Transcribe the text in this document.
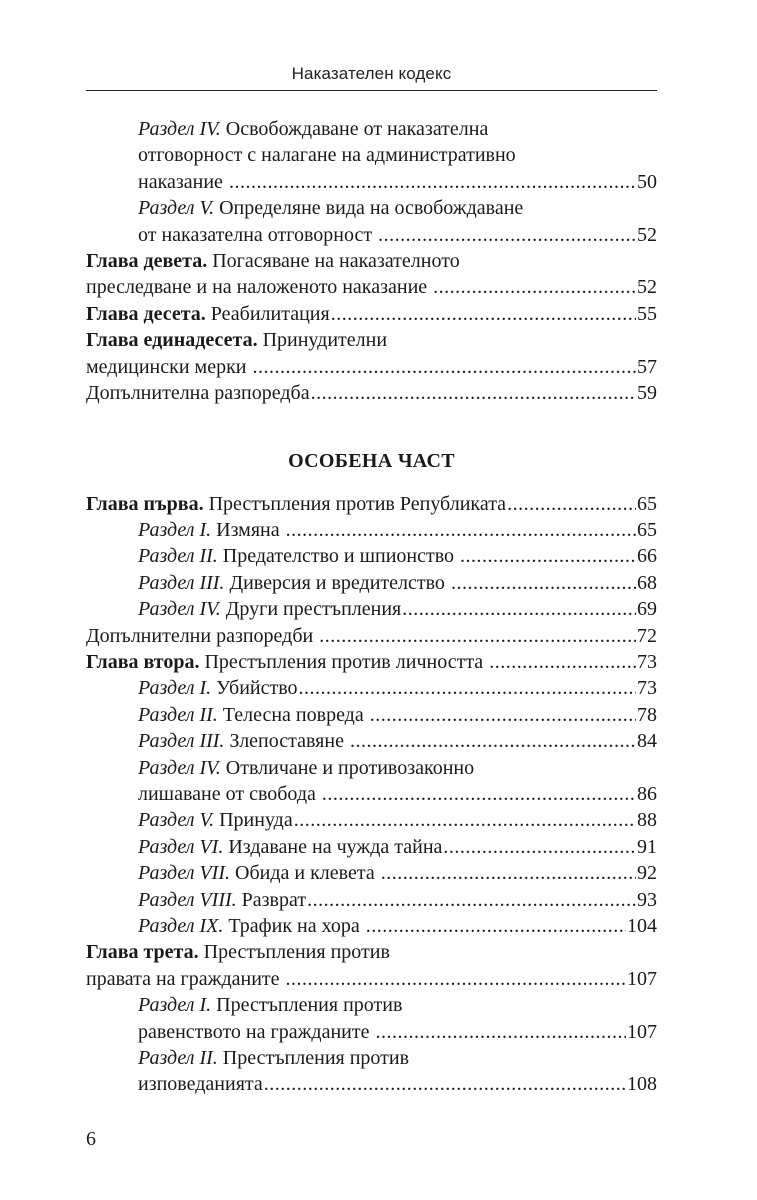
Наказателен кодекс
Раздел IV. Освобождаване от наказателна
отговорност с налагане на административно
наказание .....	50
Раздел V. Определяне вида на освобождаване
от наказателна отговорност .....	52
Глава девета. Погасяване на наказателното
преследване и на наложеното наказание .....	52
Глава десета. Реабилитация .....	55
Глава единадесета. Принудителни
медицински мерки .....	57
Допълнителна разпоредба .....	59
ОСОБЕНА ЧАСТ
Глава първа. Престъпления против Републиката .....	65
Раздел I. Измяна .....	65
Раздел II. Предателство и шпионство .....	66
Раздел III. Диверсия и вредителство .....	68
Раздел IV. Други престъпления .....	69
Допълнителни разпоредби .....	72
Глава втора. Престъпления против личността .....	73
Раздел I. Убийство .....	73
Раздел II. Телесна повреда .....	78
Раздел III. Злепоставяне .....	84
Раздел IV. Отвличане и противозаконно
лишаване от свобода .....	86
Раздел V. Принуда .....	88
Раздел VI. Издаване на чужда тайна .....	91
Раздел VII. Обида и клевета .....	92
Раздел VIII. Разврат .....	93
Раздел IX. Трафик на хора .....	104
Глава трета. Престъпления против
правата на гражданите .....	107
Раздел I. Престъпления против
равенството на гражданите .....	107
Раздел II. Престъпления против
изповеданията .....	108
6
